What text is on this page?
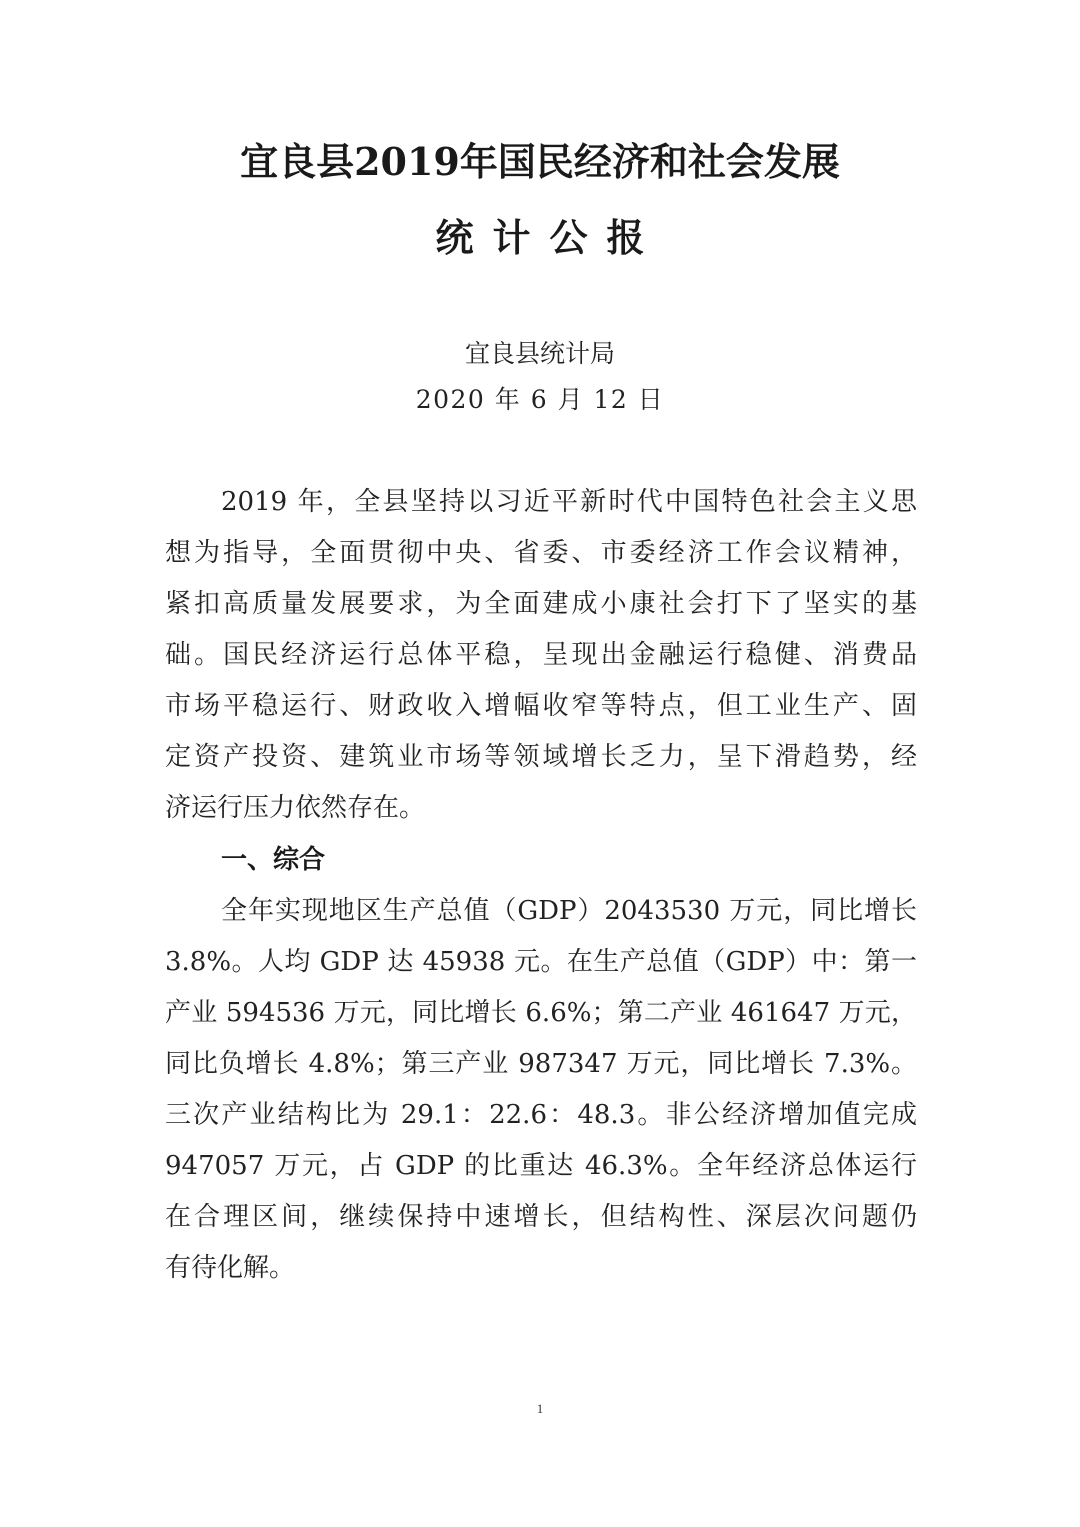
宜良县2019年国民经济和社会发展
统计公报
宜良县统计局
2020 年 6 月 12 日
2019 年，全县坚持以习近平新时代中国特色社会主义思
想为指导，全面贯彻中央、省委、市委经济工作会议精神，
紧扣高质量发展要求，为全面建成小康社会打下了坚实的基
础。国民经济运行总体平稳，呈现出金融运行稳健、消费品
市场平稳运行、财政收入增幅收窄等特点，但工业生产、固
定资产投资、建筑业市场等领域增长乏力，呈下滑趋势，经
济运行压力依然存在。
一、综合
全年实现地区生产总值（GDP）2043530 万元，同比增长
3.8%。人均 GDP 达 45938 元。在生产总值（GDP）中：第一
产业 594536 万元，同比增长 6.6%；第二产业 461647 万元，
同比负增长 4.8%；第三产业 987347 万元，同比增长 7.3%。
三次产业结构比为 29.1：22.6：48.3。非公经济增加值完成
947057 万元，占 GDP 的比重达 46.3%。全年经济总体运行
在合理区间，继续保持中速增长，但结构性、深层次问题仍
有待化解。
1
